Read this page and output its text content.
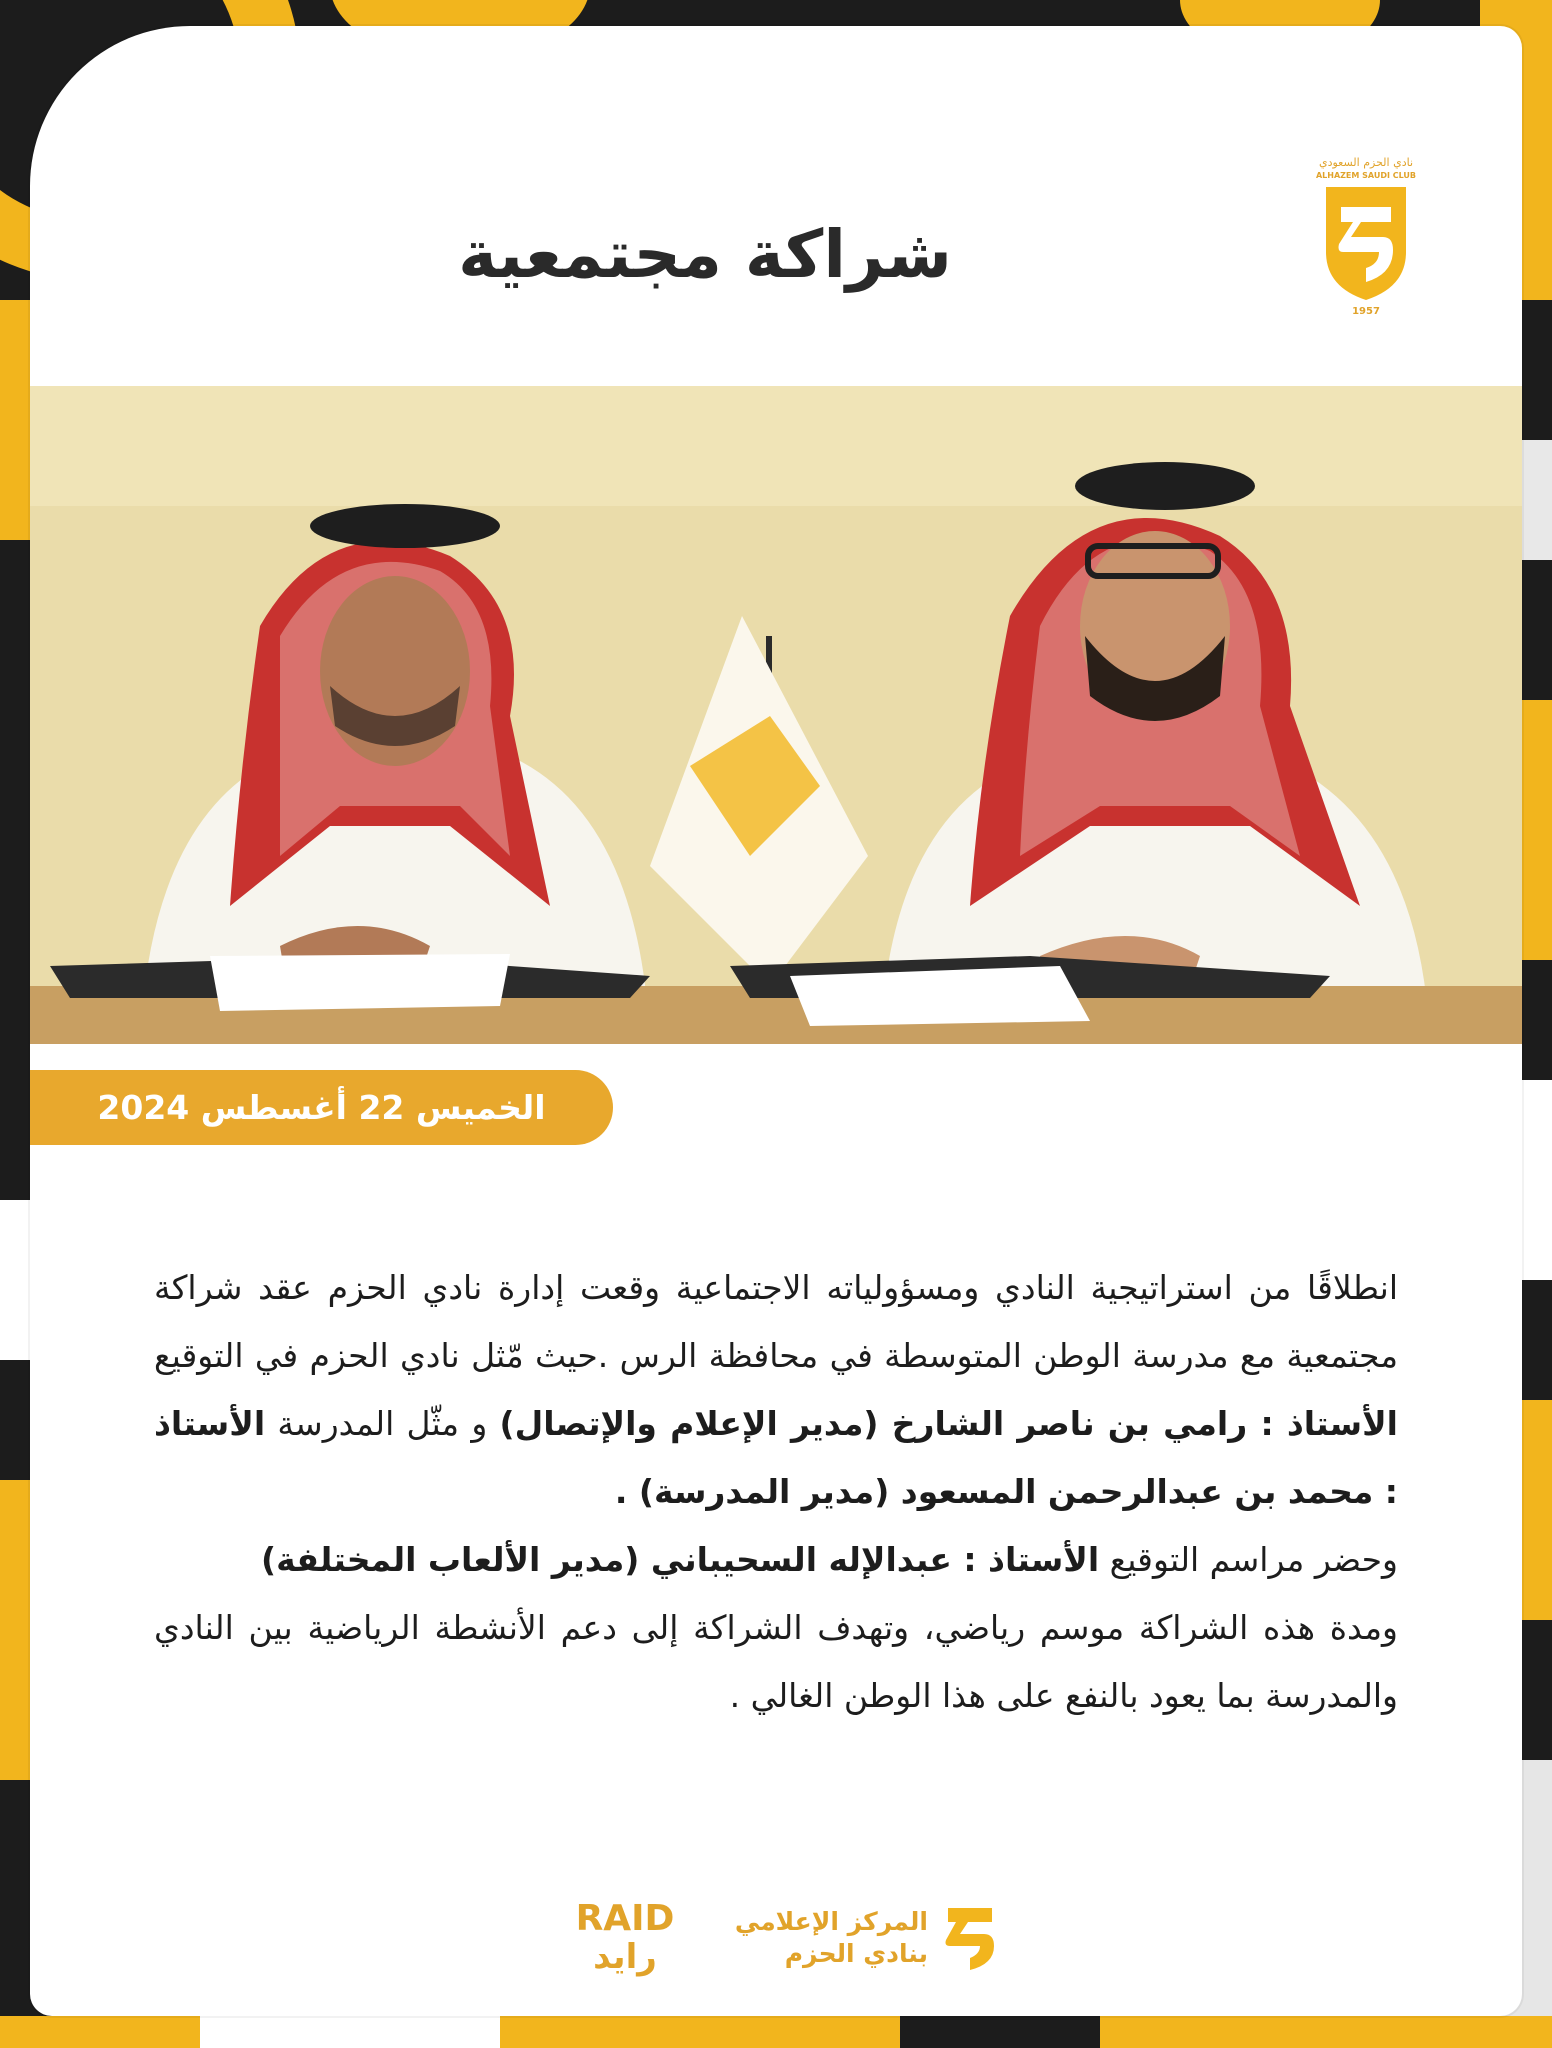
شراكة مجتمعية
نادي الحزم السعودي
ALHAZEM SAUDI CLUB
1957
الخميس 22 أغسطس 2024

انطلاقًا من استراتيجية النادي ومسؤولياته الاجتماعية وقعت إدارة نادي الحزم عقد شراكة مجتمعية مع مدرسة الوطن المتوسطة في محافظة الرس .حيث مّثل نادي الحزم في التوقيع الأستاذ : رامي بن ناصر الشارخ (مدير الإعلام والإتصال) و مثّل المدرسة الأستاذ : محمد بن عبدالرحمن المسعود (مدير المدرسة) .

وحضر مراسم التوقيع الأستاذ : عبدالإله السحيباني (مدير الألعاب المختلفة)

ومدة هذه الشراكة موسم رياضي، وتهدف الشراكة إلى دعم الأنشطة الرياضية بين النادي والمدرسة بما يعود بالنفع على هذا الوطن الغالي .

المركز الإعلامي
بنادي الحزم
RAID
رايد
